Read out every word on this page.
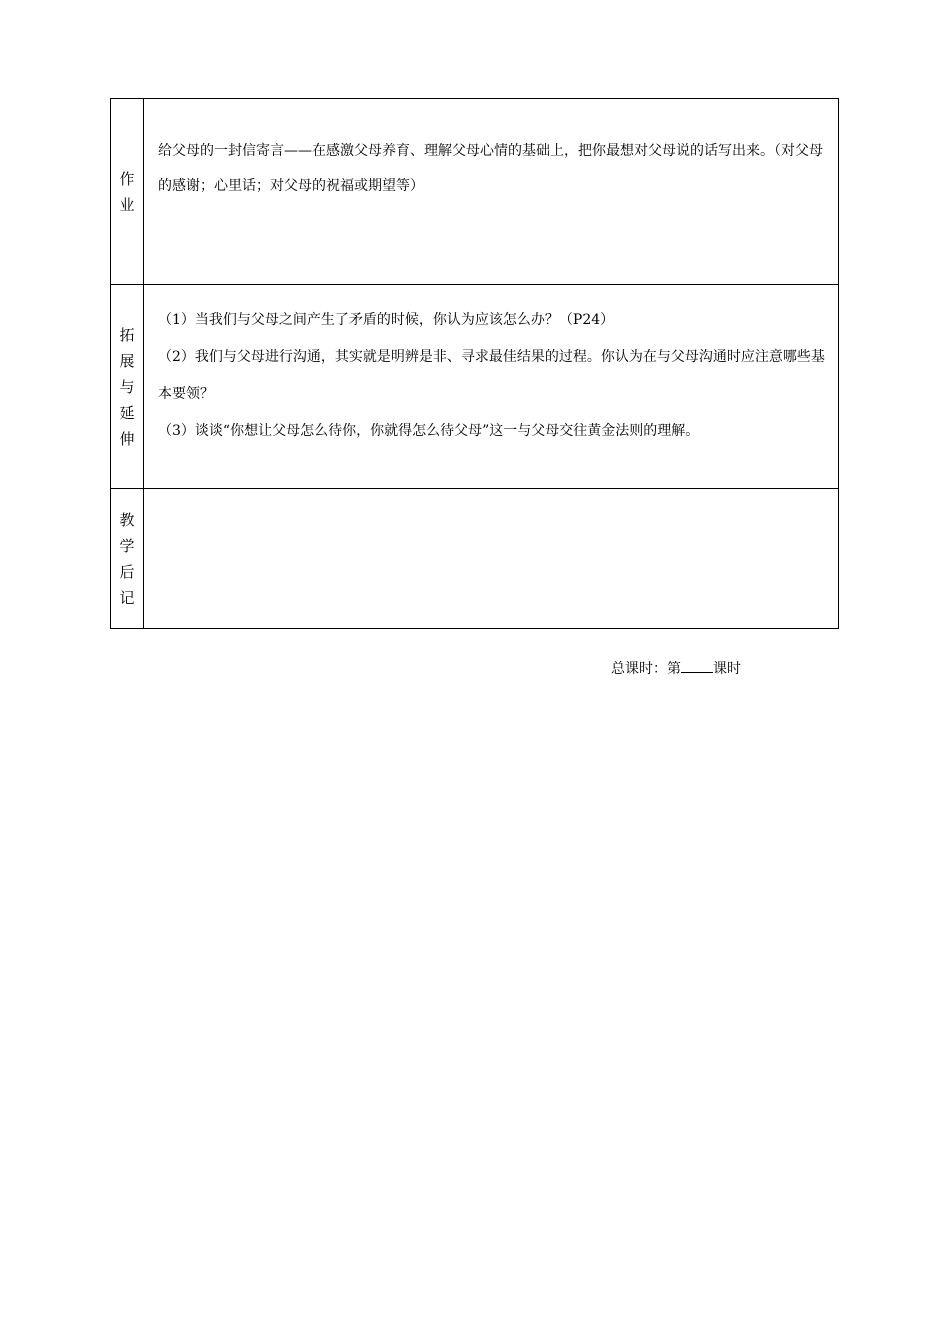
作业	给父母的一封信寄言——在感激父母养育、理解父母心情的基础上，把你最想对父母说的话写出来。（对父母的感谢；心里话；对父母的祝福或期望等）

拓展与延伸	（1）当我们与父母之间产生了矛盾的时候，你认为应该怎么办？（P24）
（2）我们与父母进行沟通，其实就是明辨是非、寻求最佳结果的过程。你认为在与父母沟通时应注意哪些基本要领？
（3）谈谈“你想让父母怎么待你，你就得怎么待父母”这一与父母交往黄金法则的理解。

教学后记	

总课时：第 课时
